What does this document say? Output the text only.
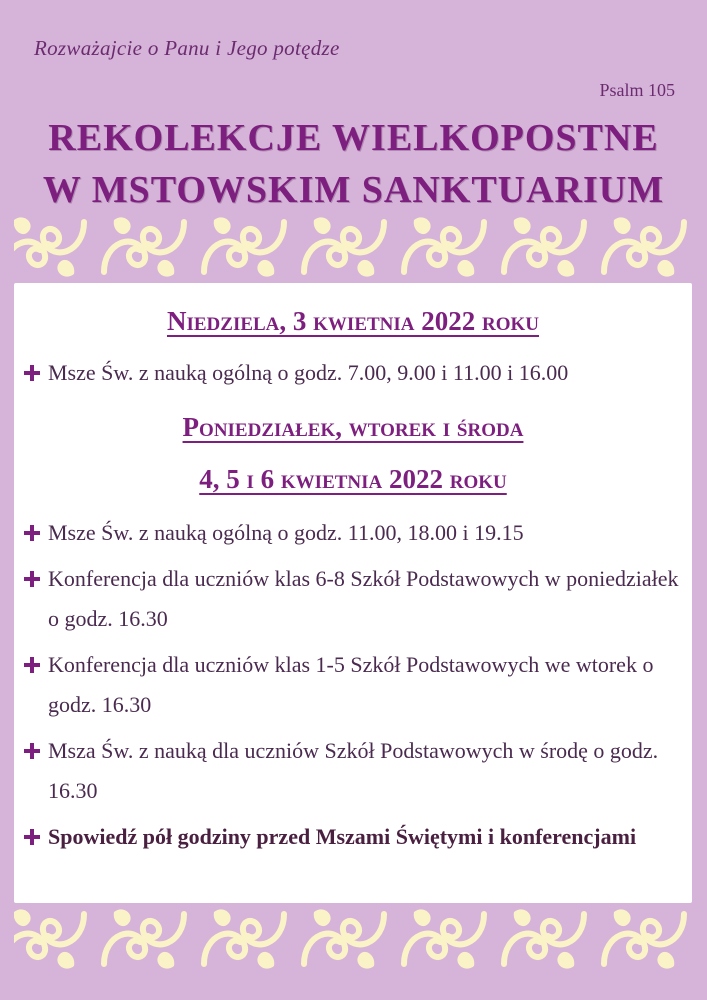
Rozważajcie o Panu i Jego potędze
Psalm 105
REKOLEKCJE WIELKOPOSTNE
W MSTOWSKIM SANKTUARIUM
Niedziela, 3 kwietnia 2022 roku
Msze Św. z nauką ogólną o godz. 7.00, 9.00 i 11.00 i 16.00
Poniedziałek, wtorek i środa
4, 5 i 6 kwietnia 2022 roku
Msze Św. z nauką ogólną o godz. 11.00, 18.00 i 19.15
Konferencja dla uczniów klas 6-8 Szkół Podstawowych w poniedziałek o godz. 16.30
Konferencja dla uczniów klas 1-5 Szkół Podstawowych we wtorek o godz. 16.30
Msza Św. z nauką dla uczniów Szkół Podstawowych w środę o godz. 16.30
Spowiedź pół godziny przed Mszami Świętymi i konferencjami
